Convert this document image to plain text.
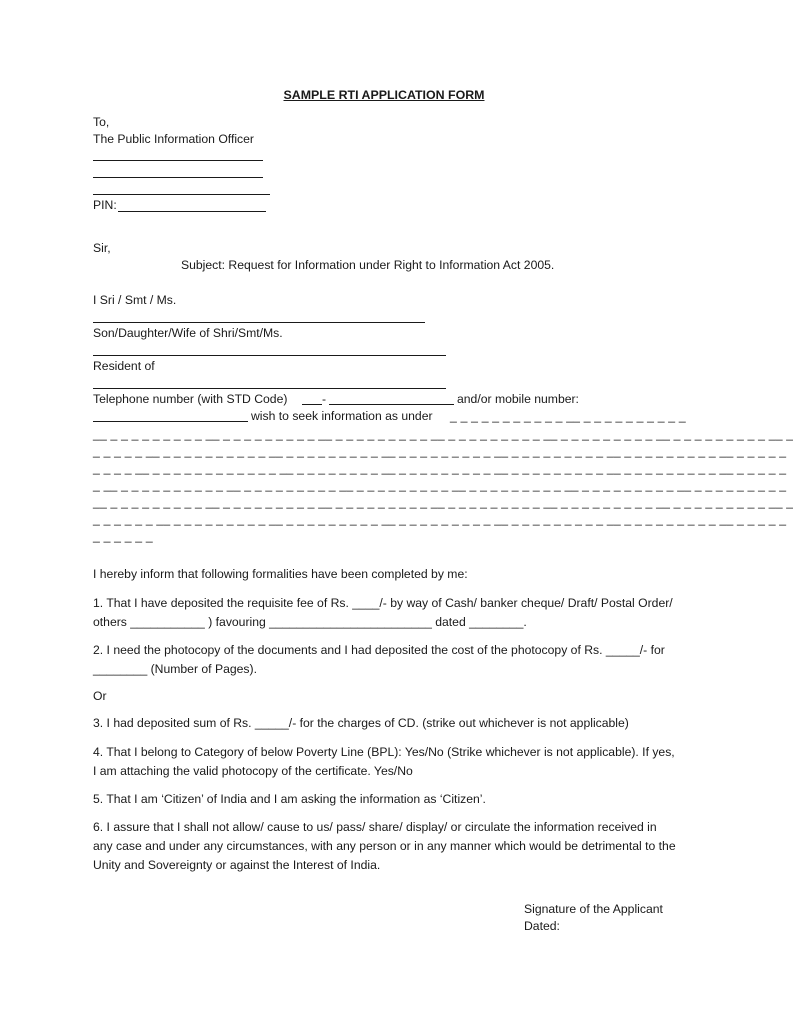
SAMPLE RTI APPLICATION FORM
To,
The Public Information Officer
PIN:
Sir,
Subject: Request for Information under Right to Information Act 2005.
I Sri / Smt / Ms.
Son/Daughter/Wife of Shri/Smt/Ms.
Resident of
Telephone number (with STD Code)	-	and/or mobile number:
wish to seek information as under _ _ _ _ _ _ _ _ _ _ _ __ _ _ _ _ _ _ _ _ _ _
__ _ _ _ _ _ _ _ _ _ __ _ _ _ _ _ _ _ _ _ __ _ _ _ _ _ _ _ _ _ __ _ _ _ _ _ _ _ _ _ __ _ _ _ _ _ _ _ _ _ __ _ _ _ _ _ _ _ _ _ __ _
_ _ _ _ _ __ _ _ _ _ _ _ _ _ _ _ __ _ _ _ _ _ _ _ _ _ __ _ _ _ _ _ _ _ _ _ __ _ _ _ _ _ _ _ _ _ __ _ _ _ _ _ _ _ _ _ __ _ _ _ _ _
_ _ _ _ __ _ _ _ _ _ _ _ _ _ _ _ _ __ _ _ _ _ _ _ _ _ __ _ _ _ _ _ _ _ _ _ __ _ _ _ _ _ _ _ _ _ __ _ _ _ _ _ _ _ _ _ __ _ _ _ _ _
_ __ _ _ _ _ _ _ _ _ _ _ __ _ _ _ _ _ _ _ _ _ __ _ _ _ _ _ _ _ _ _ __ _ _ _ _ _ _ _ _ _ __ _ _ _ _ _ _ _ _ _ __ _ _ _ _ _ _ _ _ _
__ _ _ _ _ _ _ _ _ _ __ _ _ _ _ _ _ _ _ _ __ _ _ _ _ _ _ _ _ _ __ _ _ _ _ _ _ _ _ _ __ _ _ _ _ _ _ _ _ _ __ _ _ _ _ _ _ _ _ _ __ _
_ _ _ _ _ _ __ _ _ _ _ _ _ _ _ _ __ _ _ _ _ _ _ _ _ _ __ _ _ _ _ _ _ _ _ _ __ _ _ _ _ _ _ _ _ _ __ _ _ _ _ _ _ _ _ _ __ _ _ _ _ _
_ _ _ _ _ _
I hereby inform that following formalities have been completed by me:
1. That I have deposited the requisite fee of Rs. ____/- by way of Cash/ banker cheque/ Draft/ Postal Order/ others ___________ ) favouring ________________________ dated ________.
2. I need the photocopy of the documents and I had deposited the cost of the photocopy of Rs. _____/- for ________ (Number of Pages).
Or
3. I had deposited sum of Rs. _____/- for the charges of CD. (strike out whichever is not applicable)
4. That I belong to Category of below Poverty Line (BPL): Yes/No (Strike whichever is not applicable). If yes, I am attaching the valid photocopy of the certificate. Yes/No
5. That I am ‘Citizen’ of India and I am asking the information as ‘Citizen’.
6. I assure that I shall not allow/ cause to us/ pass/ share/ display/ or circulate the information received in any case and under any circumstances, with any person or in any manner which would be detrimental to the Unity and Sovereignty or against the Interest of India.
Signature of the Applicant
Dated:
